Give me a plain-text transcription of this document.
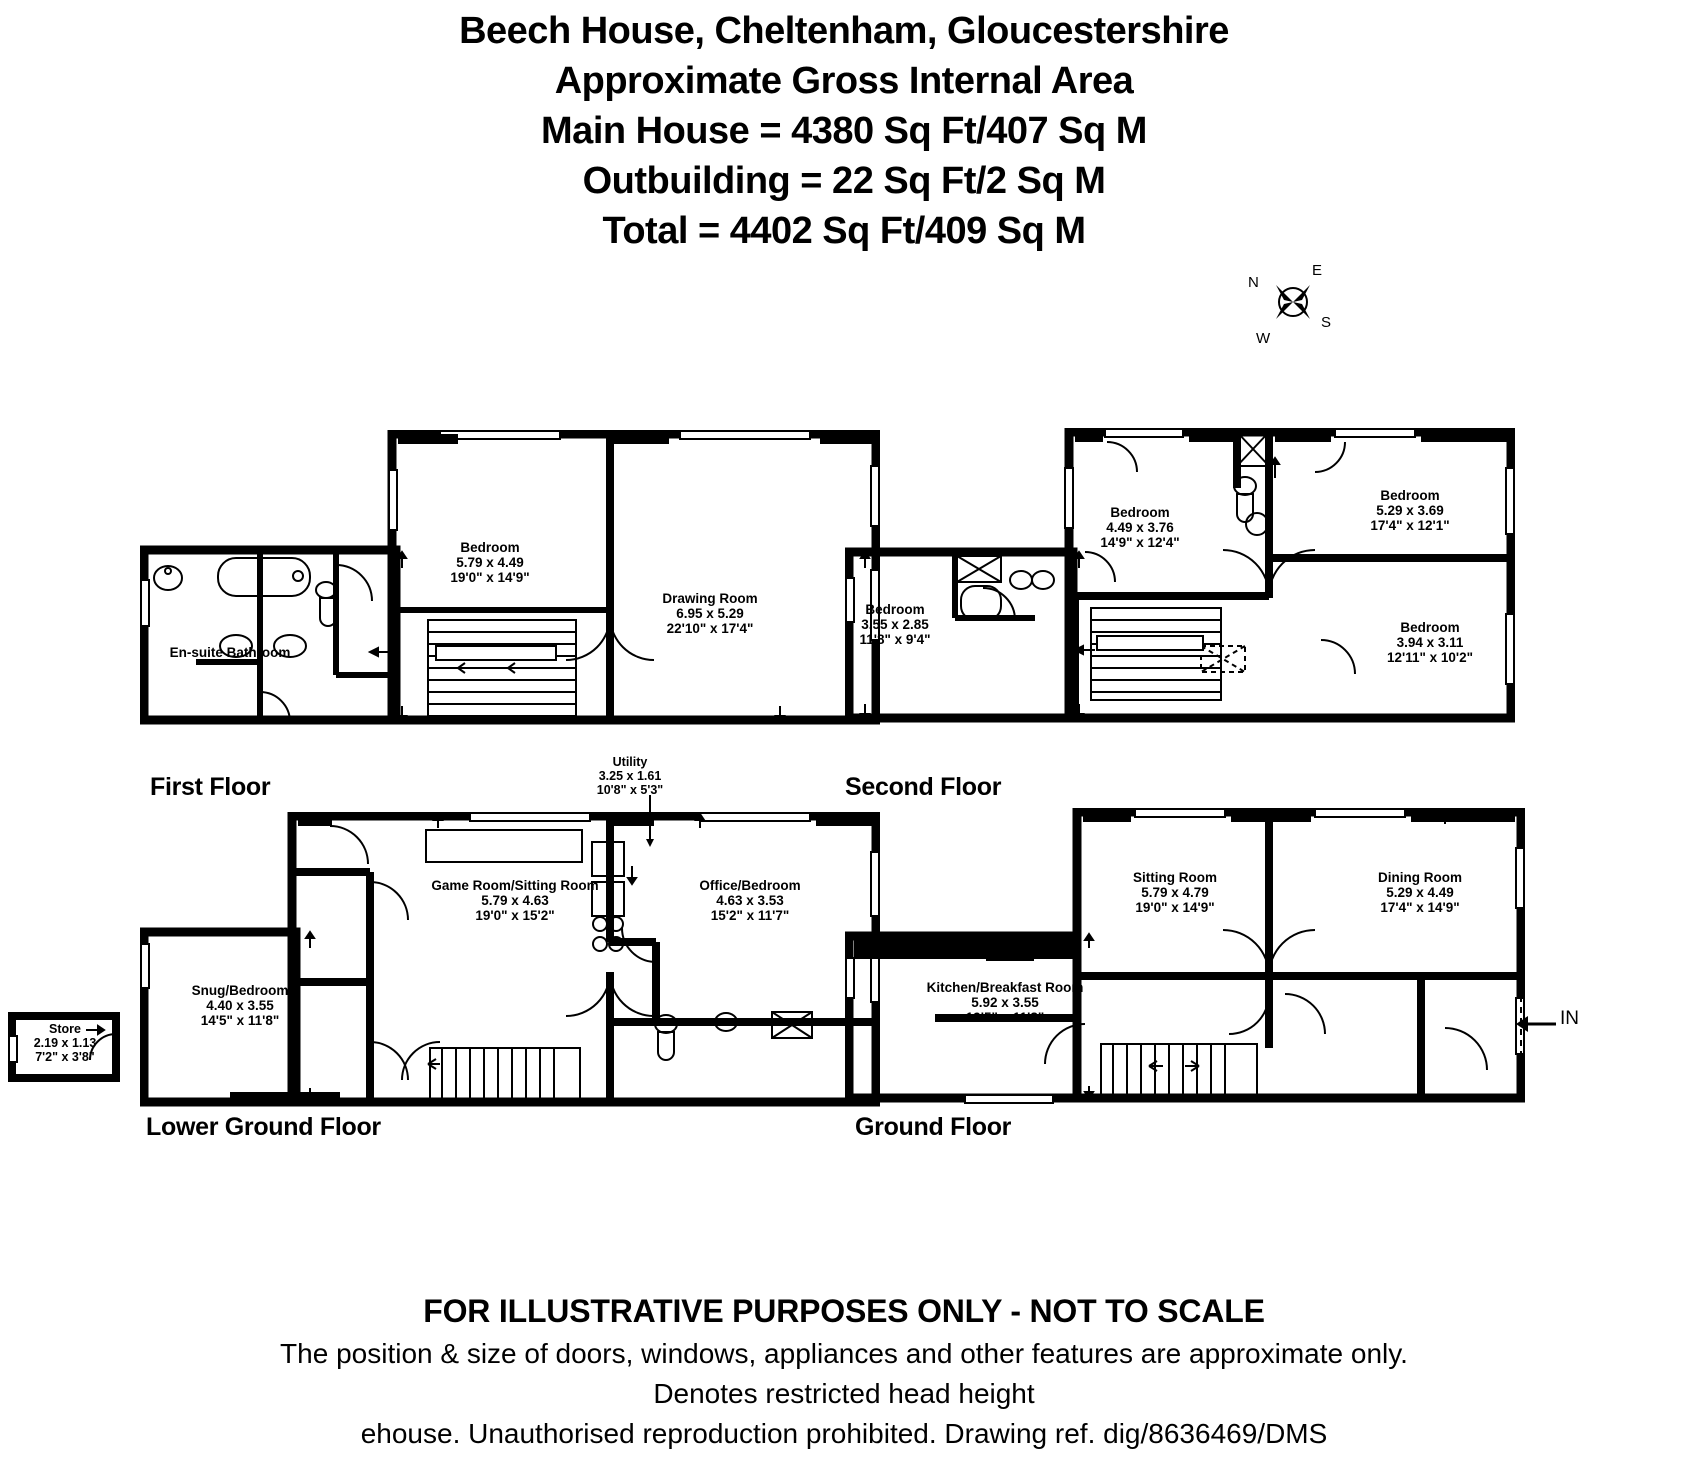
Beech House, Cheltenham, Gloucestershire
Approximate Gross Internal Area
Main House = 4380 Sq Ft/407 Sq M
Outbuilding = 22 Sq Ft/2 Sq M
Total = 4402 Sq Ft/409 Sq M
N
E
S
W
Bedroom
5.79 x 4.49
19'0" x 14'9"
Drawing Room
6.95 x 5.29
22'10" x 17'4"
En-suite Bathroom
First Floor
Bedroom
4.49 x 3.76
14'9" x 12'4"
Bedroom
5.29 x 3.69
17'4" x 12'1"
Bedroom
3.55 x 2.85
11'8" x 9'4"
Bedroom
3.94 x 3.11
12'11" x 10'2"
Second Floor
Store
2.19 x 1.13
7'2" x 3'8"
Utility
3.25 x 1.61
10'8" x 5'3"
Game Room/Sitting Room
5.79 x 4.63
19'0" x 15'2"
Office/Bedroom
4.63 x 3.53
15'2" x 11'7"
Snug/Bedroom
4.40 x 3.55
14'5" x 11'8"
Lower Ground Floor
Sitting Room
5.79 x 4.79
19'0" x 14'9"
Dining Room
5.29 x 4.49
17'4" x 14'9"
Kitchen/Breakfast Room
5.92 x 3.55
19'5" x 11'8"	IN
Ground Floor
FOR ILLUSTRATIVE PURPOSES ONLY - NOT TO SCALE
The position & size of doors, windows, appliances and other features are approximate only.
Denotes restricted head height
ehouse. Unauthorised reproduction prohibited. Drawing ref. dig/8636469/DMS
